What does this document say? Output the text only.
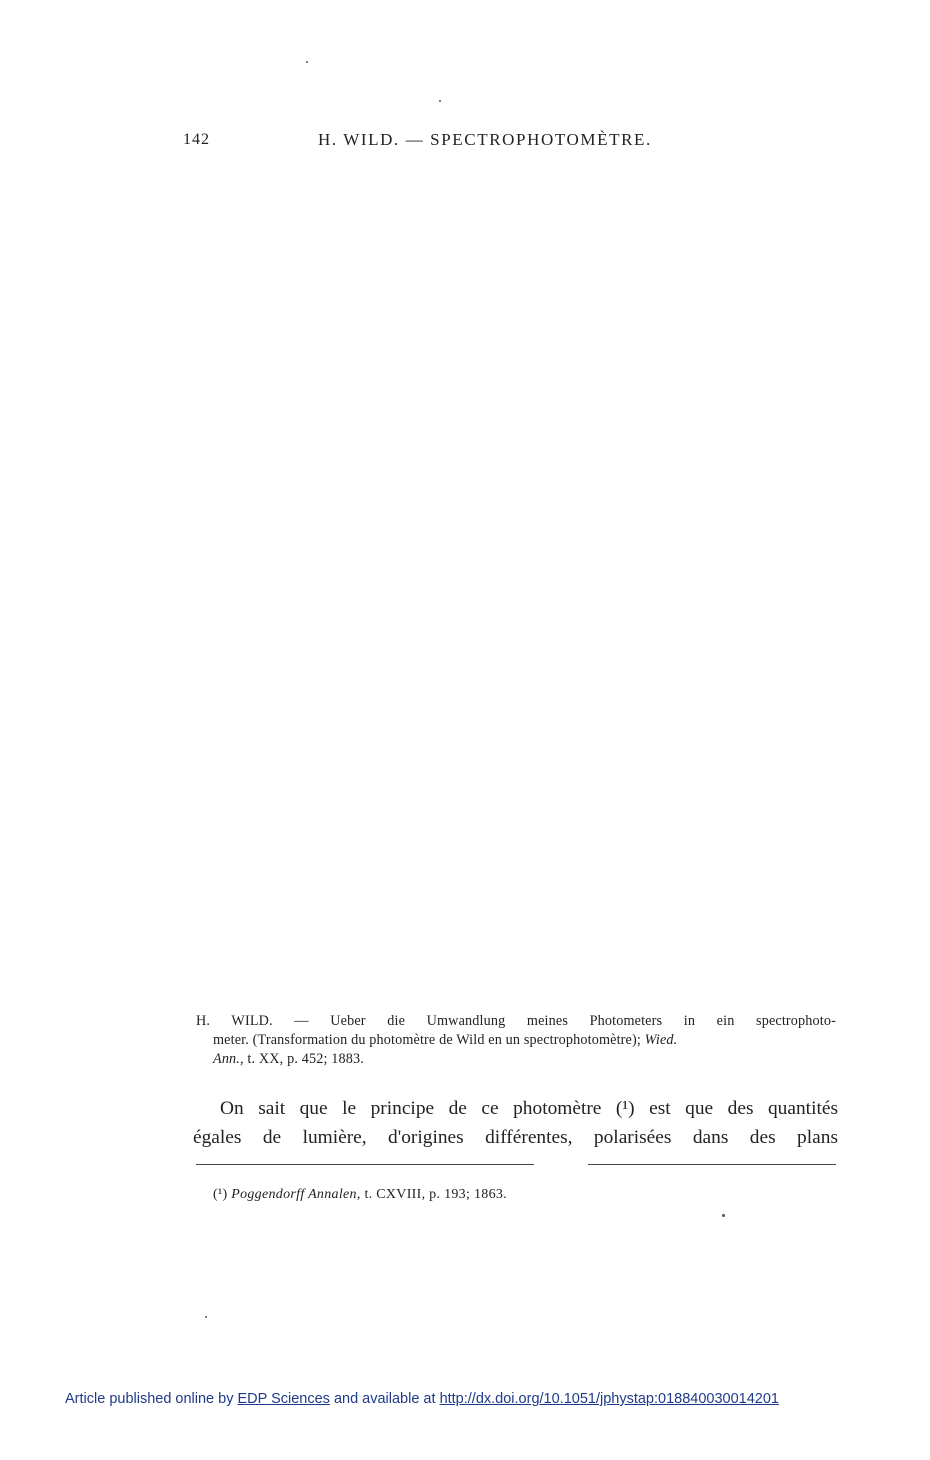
142	H. WILD. — SPECTROPHOTOMÈTRE.
H. WILD. — Ueber die Umwandlung meines Photometers in ein spectrophoto-
meter. (Transformation du photomètre de Wild en un spectrophotomètre); Wied.
Ann., t. XX, p. 452; 1883.
On sait que le principe de ce photomètre (¹) est que des quantités
égales de lumière, d'origines différentes, polarisées dans des plans
(¹) Poggendorff Annalen, t. CXVIII, p. 193; 1863.
Article published online by EDP Sciences and available at http://dx.doi.org/10.1051/jphystap:018840030014201
